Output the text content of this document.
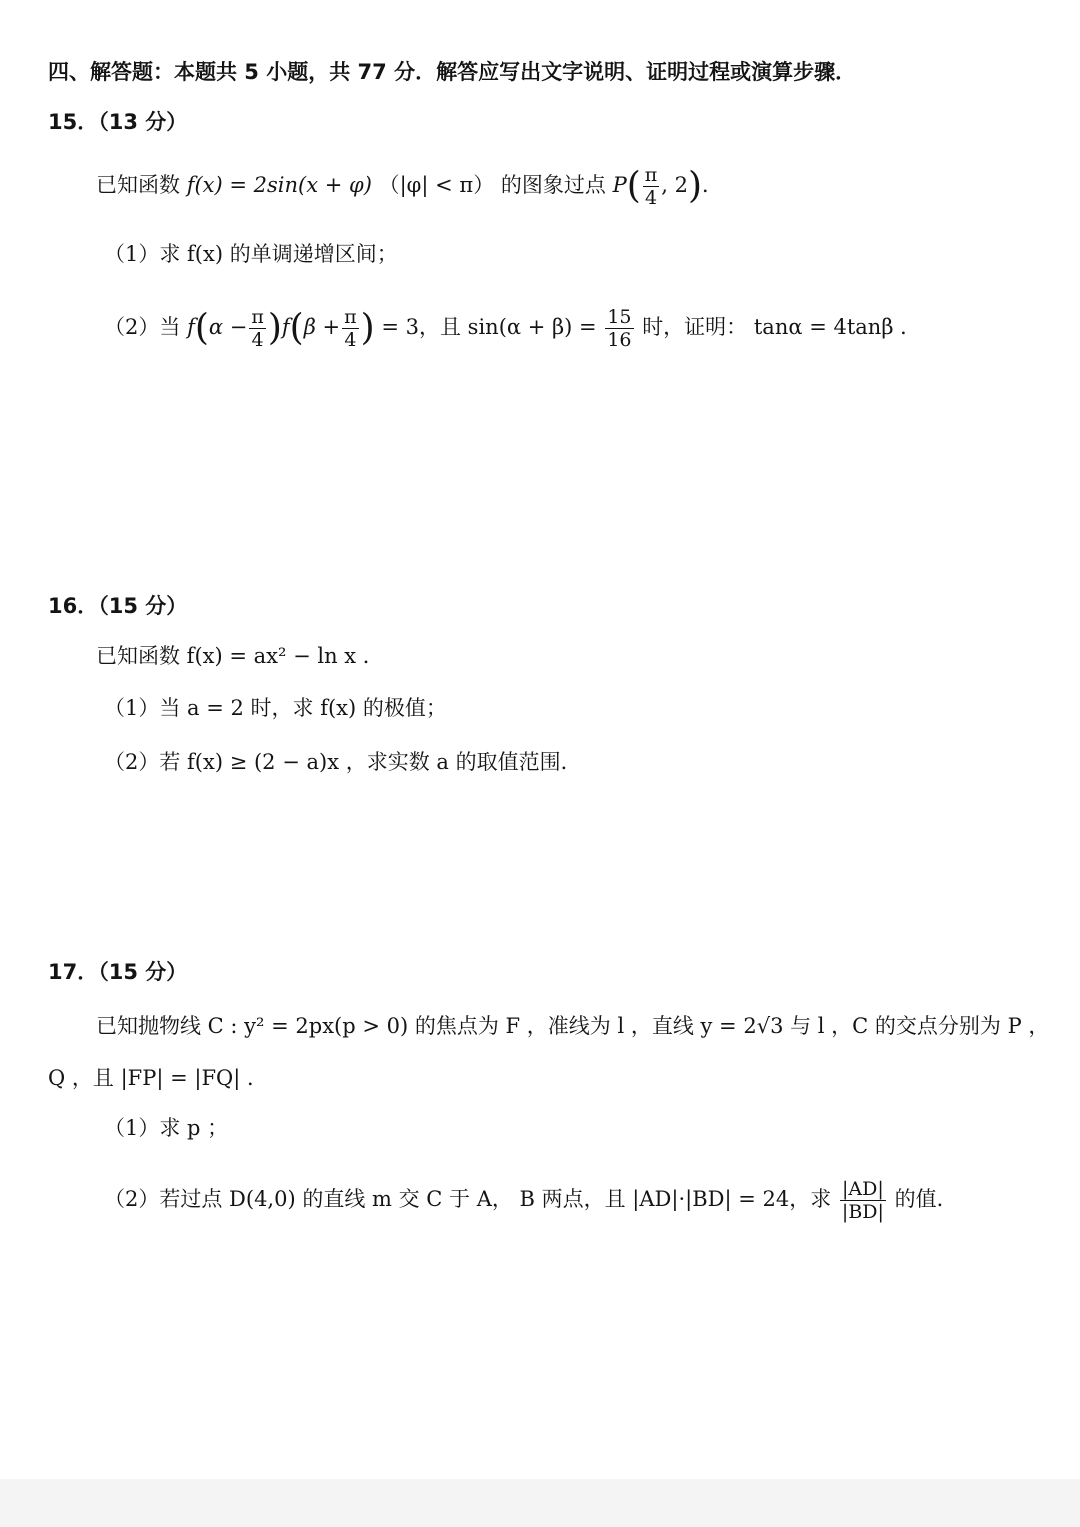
四、解答题：本题共 5 小题，共 77 分．解答应写出文字说明、证明过程或演算步骤．
15．（13 分）
已知函数 f(x) = 2sin(x + φ) （|φ| < π） 的图象过点 $P( \frac{\pi}{4}$ , 2)．
（1）求 f(x) 的单调递增区间；
（2）当 $f(\alpha - \frac{\pi}{4} )f(\beta + \frac{\pi}{4}$ ) = 3，且 $\sin(\alpha + \beta) = \frac{15}{16}$ 时，证明： tanα = 4tanβ ．
16．（15 分）
已知函数 f(x) = ax² − ln x ．
（1）当 a = 2 时，求 f(x) 的极值；
（2）若 f(x) ≥ (2 − a)x ，求实数 a 的取值范围．
17．（15 分）
已知抛物线 C : y² = 2px(p > 0) 的焦点为 F ，准线为 l ，直线 y = 2√3 与 l ，C 的交点分别为 P ，
Q ，且 |FP| = |FQ| ．
（1）求 p ；
（2）若过点 D(4,0) 的直线 m 交 C 于 A， B 两点，且 |AD|·|BD| = 24，求 $\frac{|AD|}{|BD|}$ 的值．
